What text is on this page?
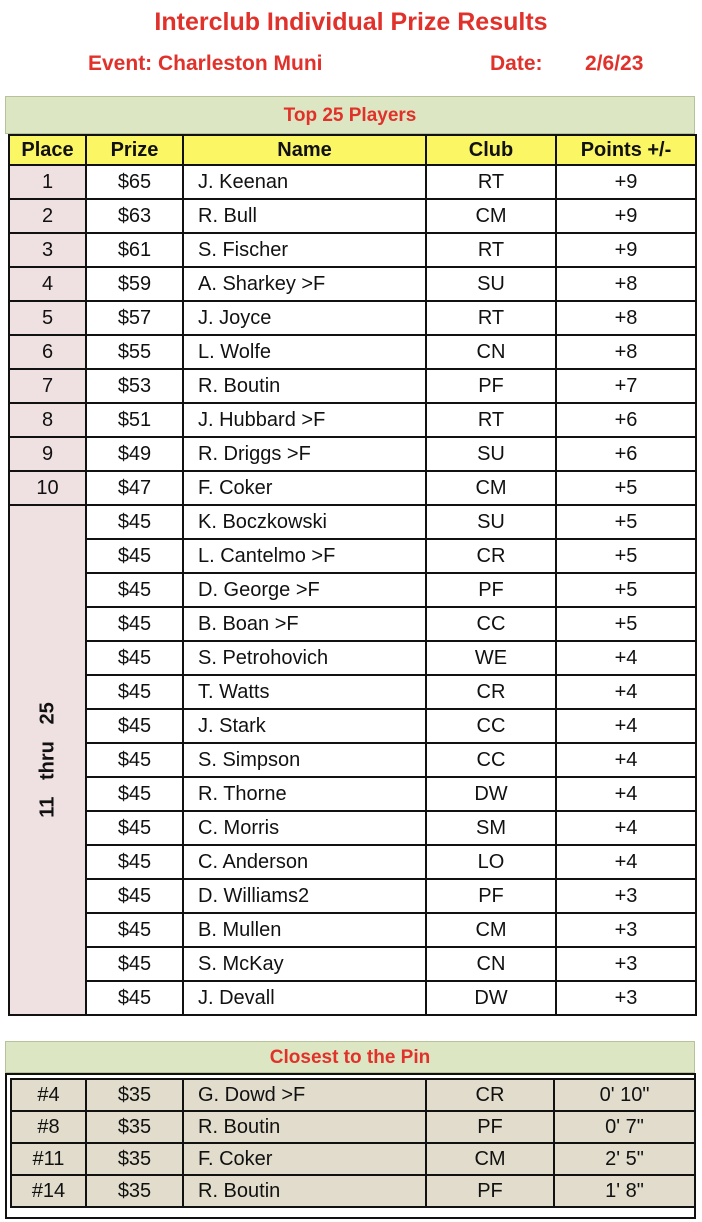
Interclub Individual Prize Results
Event: Charleston Muni	Date: 2/6/23
Top 25 Players
Place	Prize	Name	Club	Points +/-
1	$65	J. Keenan	RT	+9
2	$63	R. Bull	CM	+9
3	$61	S. Fischer	RT	+9
4	$59	A. Sharkey >F	SU	+8
5	$57	J. Joyce	RT	+8
6	$55	L. Wolfe	CN	+8
7	$53	R. Boutin	PF	+7
8	$51	J. Hubbard >F	RT	+6
9	$49	R. Driggs >F	SU	+6
10	$47	F. Coker	CM	+5

11   thru   25	$45	K. Boczkowski	SU	+5
	$45	L. Cantelmo >F	CR	+5
	$45	D. George >F	PF	+5
	$45	B. Boan >F	CC	+5
	$45	S. Petrohovich	WE	+4
	$45	T. Watts	CR	+4
	$45	J. Stark	CC	+4
	$45	S. Simpson	CC	+4
	$45	R. Thorne	DW	+4
	$45	C. Morris	SM	+4
	$45	C. Anderson	LO	+4
	$45	D. Williams2	PF	+3
	$45	B. Mullen	CM	+3
	$45	S. McKay	CN	+3
	$45	J. Devall	DW	+3
Closest to the Pin
#4	$35	G. Dowd >F	CR	0' 10"
#8	$35	R. Boutin	PF	0' 7"
#11	$35	F. Coker	CM	2' 5"
#14	$35	R. Boutin	PF	1' 8"
